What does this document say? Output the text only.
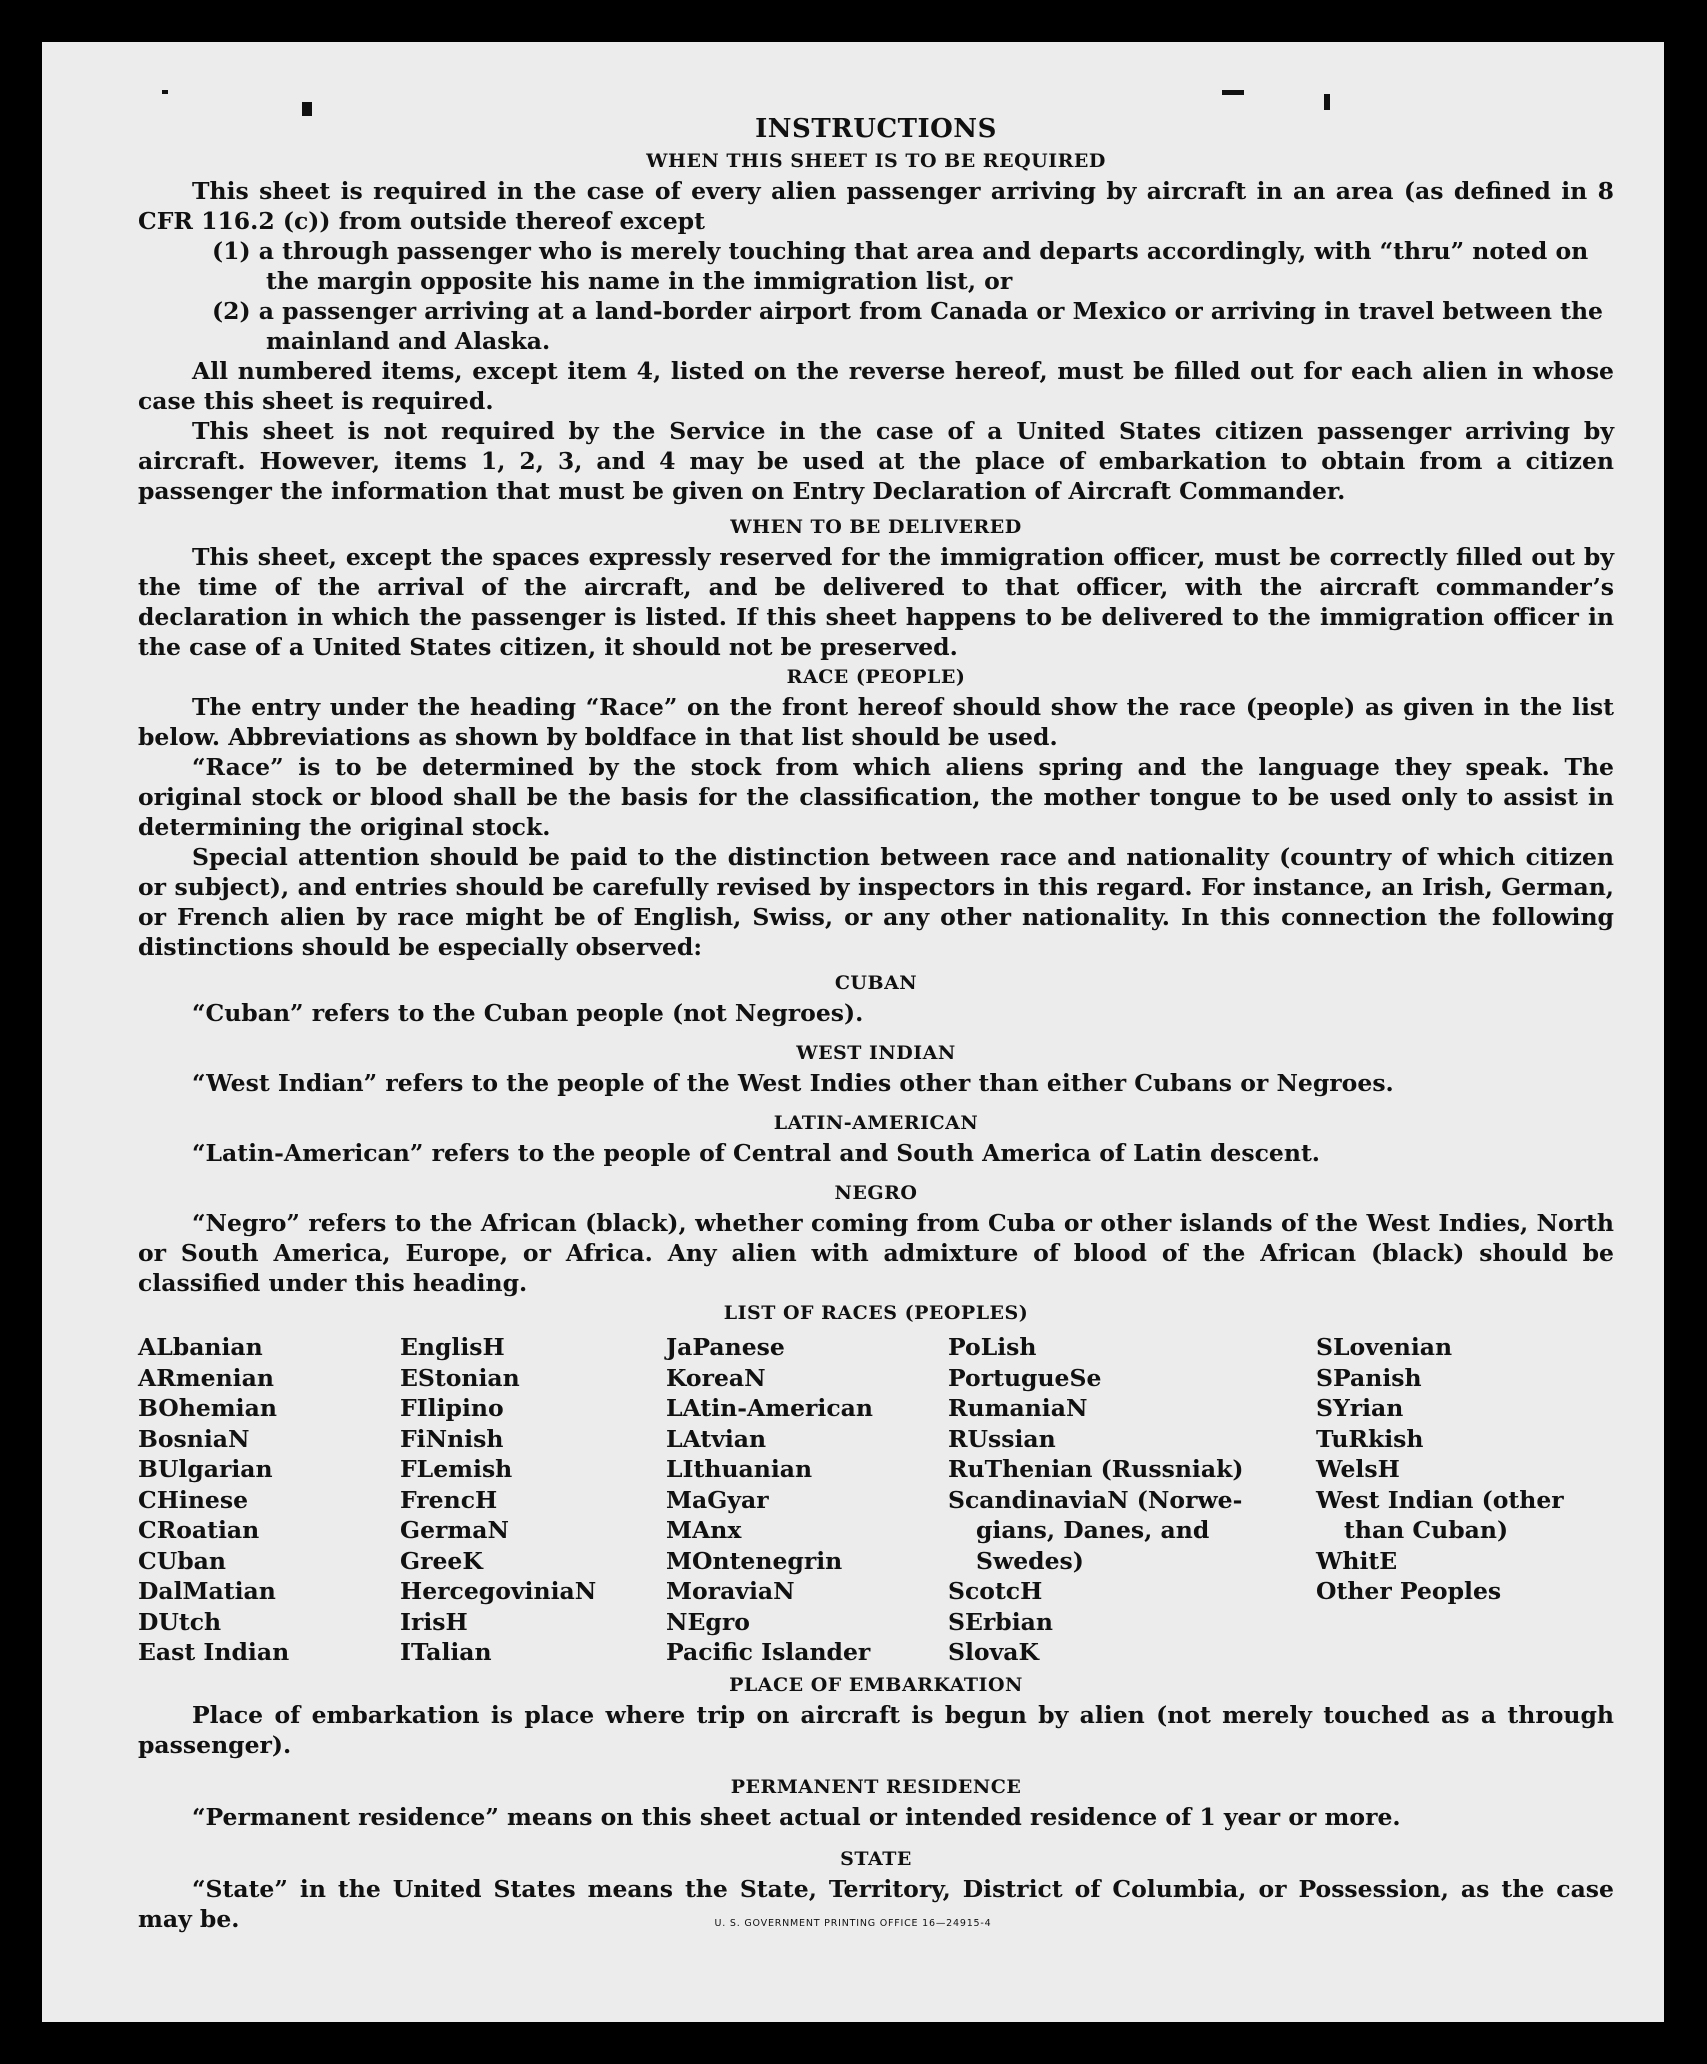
INSTRUCTIONS
WHEN THIS SHEET IS TO BE REQUIRED

This sheet is required in the case of every alien passenger arriving by aircraft in an area (as defined in 8 CFR 116.2 (c)) from outside thereof except

(1) a through passenger who is merely touching that area and departs accordingly, with “thru” noted on the margin opposite his name in the immigration list, or

(2) a passenger arriving at a land-border airport from Canada or Mexico or arriving in travel between the mainland and Alaska.

All numbered items, except item 4, listed on the reverse hereof, must be filled out for each alien in whose case this sheet is required.

This sheet is not required by the Service in the case of a United States citizen passenger arriving by aircraft. However, items 1, 2, 3, and 4 may be used at the place of embarkation to obtain from a citizen passenger the information that must be given on Entry Declaration of Aircraft Commander.

WHEN TO BE DELIVERED

This sheet, except the spaces expressly reserved for the immigration officer, must be correctly filled out by the time of the arrival of the aircraft, and be delivered to that officer, with the aircraft commander’s declaration in which the passenger is listed. If this sheet happens to be delivered to the immigration officer in the case of a United States citizen, it should not be preserved.

RACE (PEOPLE)

The entry under the heading “Race” on the front hereof should show the race (people) as given in the list below. Abbreviations as shown by boldface in that list should be used.

“Race” is to be determined by the stock from which aliens spring and the language they speak. The original stock or blood shall be the basis for the classification, the mother tongue to be used only to assist in determining the original stock.

Special attention should be paid to the distinction between race and nationality (country of which citizen or subject), and entries should be carefully revised by inspectors in this regard. For instance, an Irish, German, or French alien by race might be of English, Swiss, or any other nationality. In this connection the following distinctions should be especially observed:

CUBAN

“Cuban” refers to the Cuban people (not Negroes).

WEST INDIAN

“West Indian” refers to the people of the West Indies other than either Cubans or Negroes.

LATIN-AMERICAN

“Latin-American” refers to the people of Central and South America of Latin descent.

NEGRO

“Negro” refers to the African (black), whether coming from Cuba or other islands of the West Indies, North or South America, Europe, or Africa. Any alien with admixture of blood of the African (black) should be classified under this heading.

LIST OF RACES (PEOPLES)
ALbanian
ARmenian
BOhemian
BosniaN
BUlgarian
CHinese
CRoatian
CUban
DalMatian
DUtch
East Indian
EnglisH
EStonian
FIlipino
FiNnish
FLemish
FrencH
GermaN
GreeK
HercegoviniaN
IrisH
ITalian
JaPanese
KoreaN
LAtin-American
LAtvian
LIthuanian
MaGyar
MAnx
MOntenegrin
MoraviaN
NEgro
Pacific Islander
PoLish
PortugueSe
RumaniaN
RUssian
RuThenian (Russniak)
ScandinaviaN (Norwe-
gians, Danes, and
Swedes)
ScotcH
SErbian
SlovaK
SLovenian
SPanish
SYrian
TuRkish
WelsH
West Indian (other
than Cuban)
WhitE
Other Peoples
PLACE OF EMBARKATION

Place of embarkation is place where trip on aircraft is begun by alien (not merely touched as a through passenger).

PERMANENT RESIDENCE

“Permanent residence” means on this sheet actual or intended residence of 1 year or more.

STATE

“State” in the United States means the State, Territory, District of Columbia, or Possession, as the case may be.	U. S. GOVERNMENT PRINTING OFFICE 16—24915-4
